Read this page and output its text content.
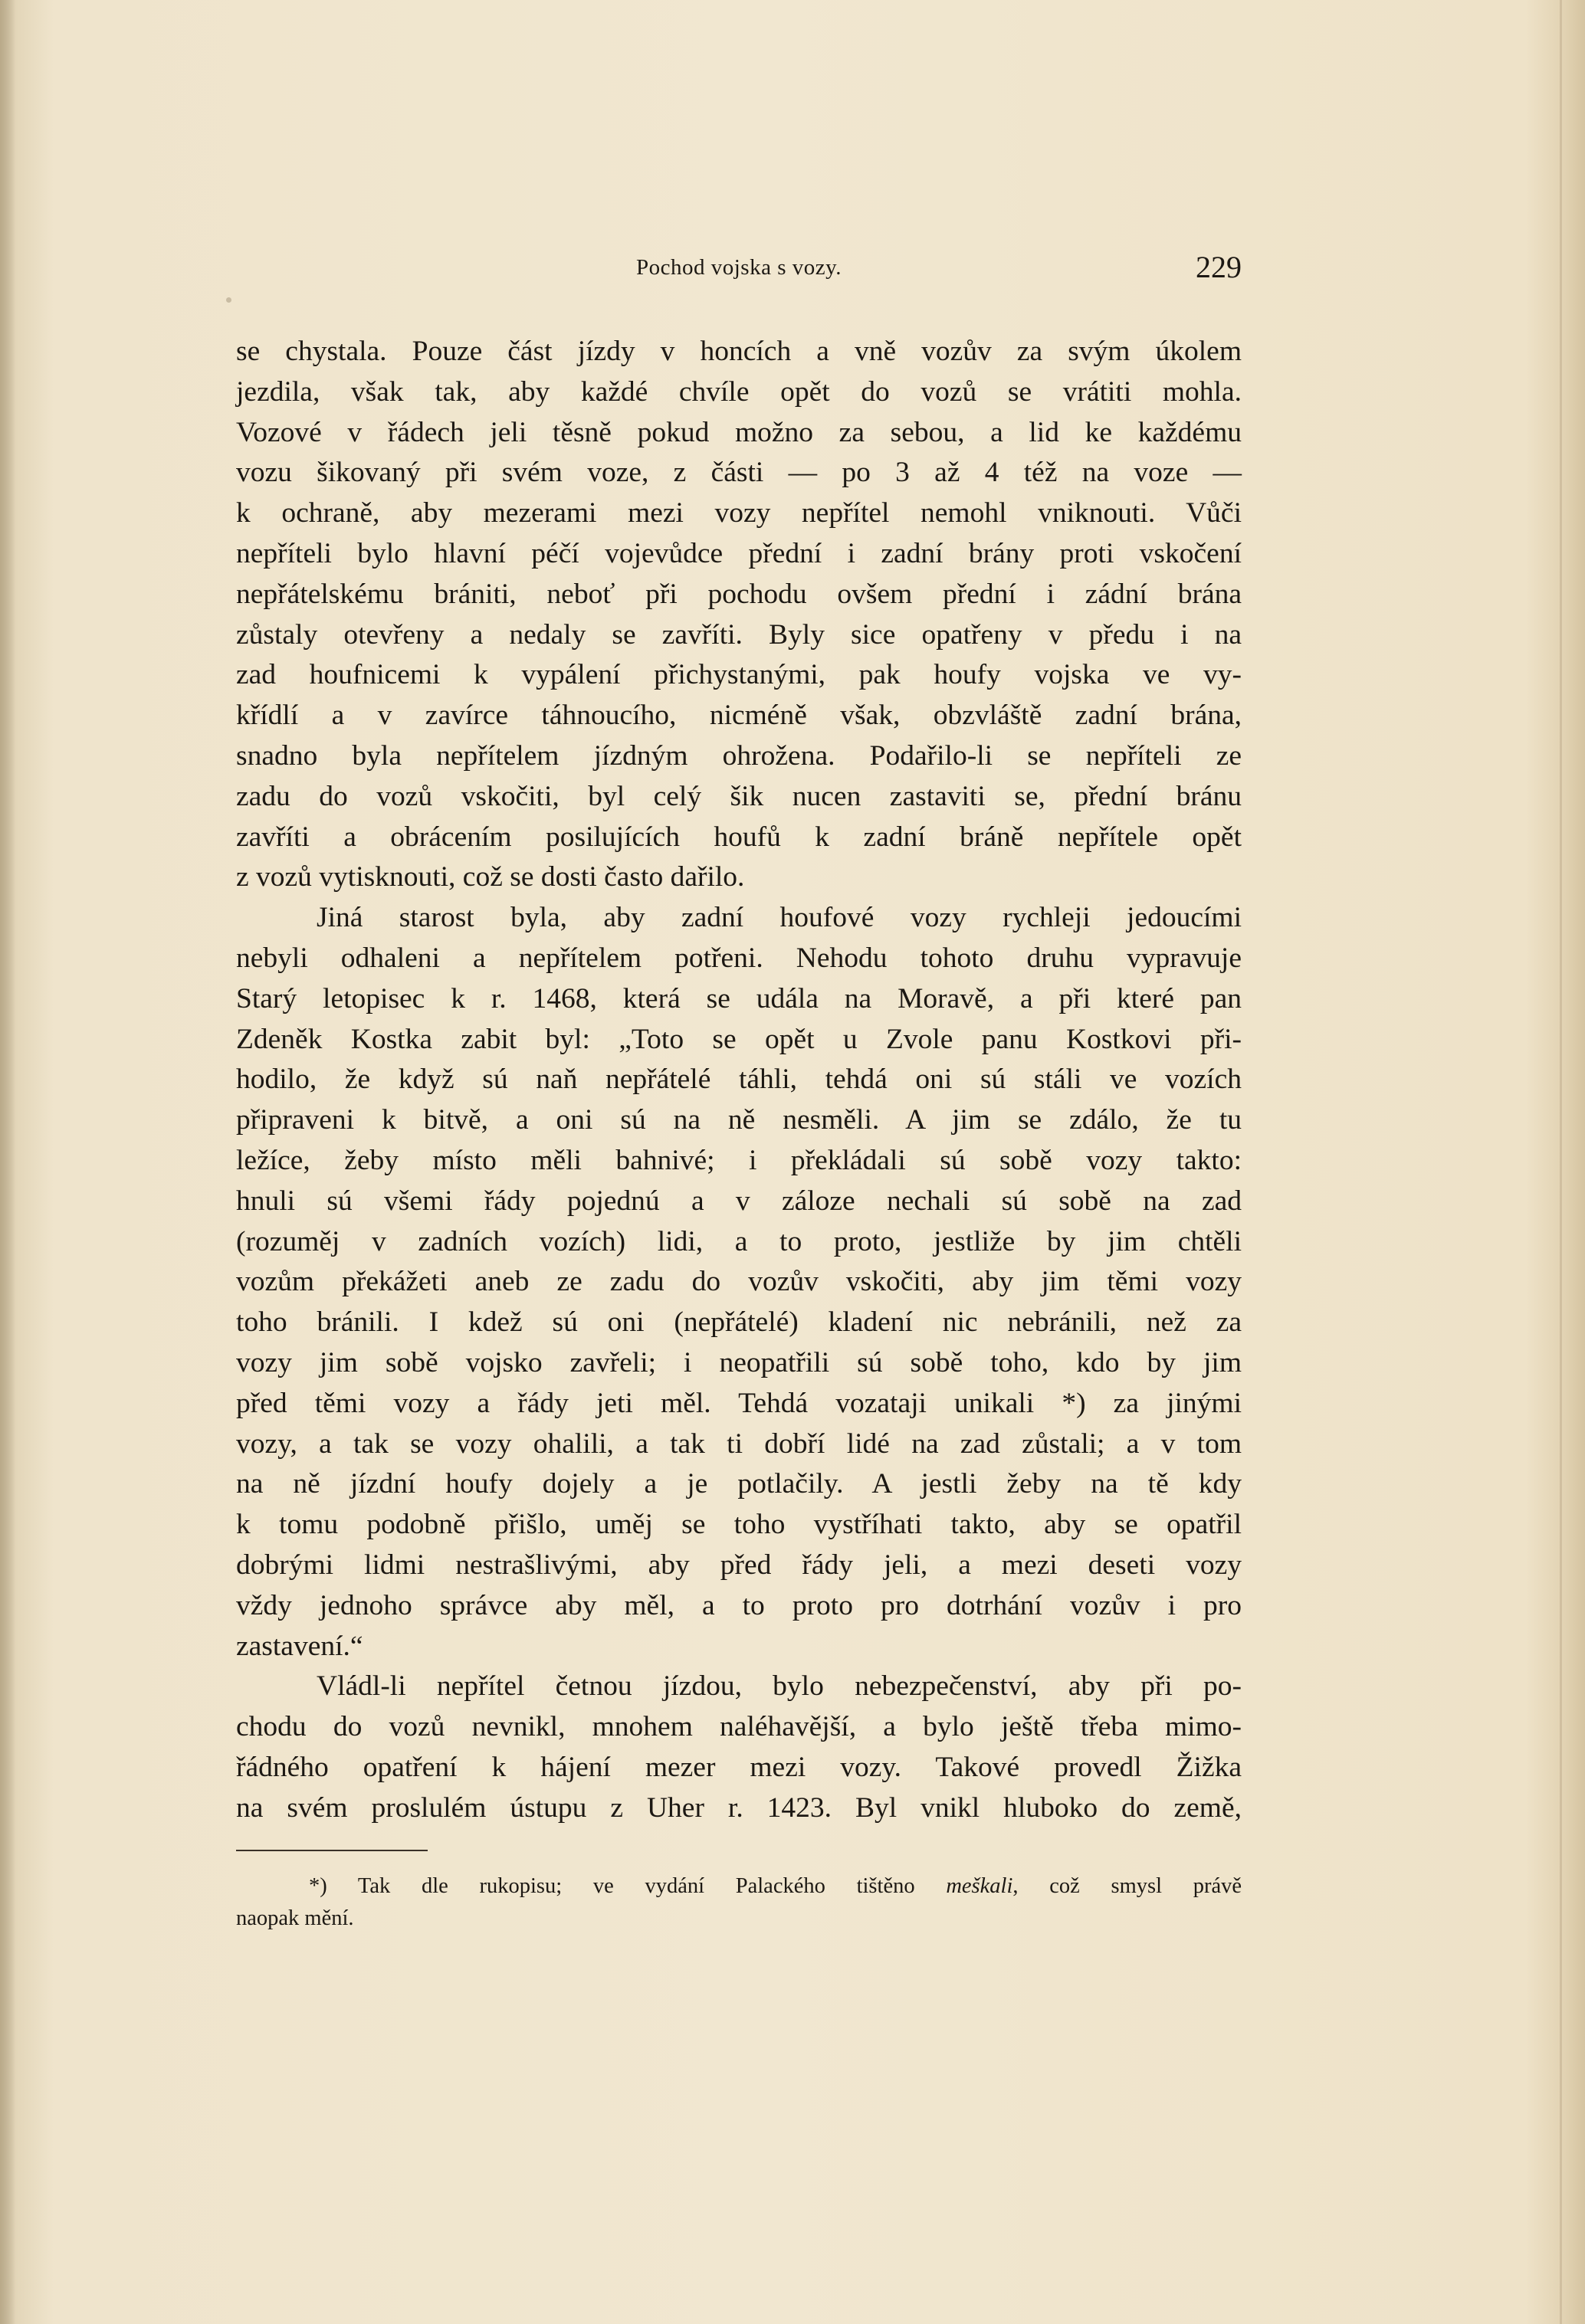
Pochod vojska s vozy.	229
se chystala. Pouze část jízdy v honcích a vně vozův za svým úkolem
jezdila, však tak, aby každé chvíle opět do vozů se vrátiti mohla.
Vozové v řádech jeli těsně pokud možno za sebou, a lid ke každému
vozu šikovaný při svém voze, z části — po 3 až 4 též na voze —
k ochraně, aby mezerami mezi vozy nepřítel nemohl vniknouti. Vůči
nepříteli bylo hlavní péčí vojevůdce přední i zadní brány proti vskočení
nepřátelskému brániti, neboť při pochodu ovšem přední i zádní brána
zůstaly otevřeny a nedaly se zavříti. Byly sice opatřeny v předu i na
zad houfnicemi k vypálení přichystanými, pak houfy vojska ve vy-
křídlí a v zavírce táhnoucího, nicméně však, obzvláště zadní brána,
snadno byla nepřítelem jízdným ohrožena. Podařilo-li se nepříteli ze
zadu do vozů vskočiti, byl celý šik nucen zastaviti se, přední bránu
zavříti a obrácením posilujících houfů k zadní bráně nepřítele opět
z vozů vytisknouti, což se dosti často dařilo.
Jiná starost byla, aby zadní houfové vozy rychleji jedoucími
nebyli odhaleni a nepřítelem potřeni. Nehodu tohoto druhu vypravuje
Starý letopisec k r. 1468, která se udála na Moravě, a při které pan
Zdeněk Kostka zabit byl: „Toto se opět u Zvole panu Kostkovi při-
hodilo, že když sú naň nepřátelé táhli, tehdá oni sú stáli ve vozích
připraveni k bitvě, a oni sú na ně nesměli. A jim se zdálo, že tu
ležíce, žeby místo měli bahnivé; i překládali sú sobě vozy takto:
hnuli sú všemi řády pojednú a v záloze nechali sú sobě na zad
(rozuměj v zadních vozích) lidi, a to proto, jestliže by jim chtěli
vozům překážeti aneb ze zadu do vozův vskočiti, aby jim těmi vozy
toho bránili. I kdež sú oni (nepřátelé) kladení nic nebránili, než za
vozy jim sobě vojsko zavřeli; i neopatřili sú sobě toho, kdo by jim
před těmi vozy a řády jeti měl. Tehdá vozataji unikali *) za jinými
vozy, a tak se vozy ohalili, a tak ti dobří lidé na zad zůstali; a v tom
na ně jízdní houfy dojely a je potlačily. A jestli žeby na tě kdy
k tomu podobně přišlo, uměj se toho vystříhati takto, aby se opatřil
dobrými lidmi nestrašlivými, aby před řády jeli, a mezi deseti vozy
vždy jednoho správce aby měl, a to proto pro dotrhání vozův i pro
zastavení.“
Vládl-li nepřítel četnou jízdou, bylo nebezpečenství, aby při po-
chodu do vozů nevnikl, mnohem naléhavější, a bylo ještě třeba mimo-
řádného opatření k hájení mezer mezi vozy. Takové provedl Žižka
na svém proslulém ústupu z Uher r. 1423. Byl vnikl hluboko do země,
*) Tak dle rukopisu; ve vydání Palackého tištěno meškali, což smysl právě
naopak mění.
